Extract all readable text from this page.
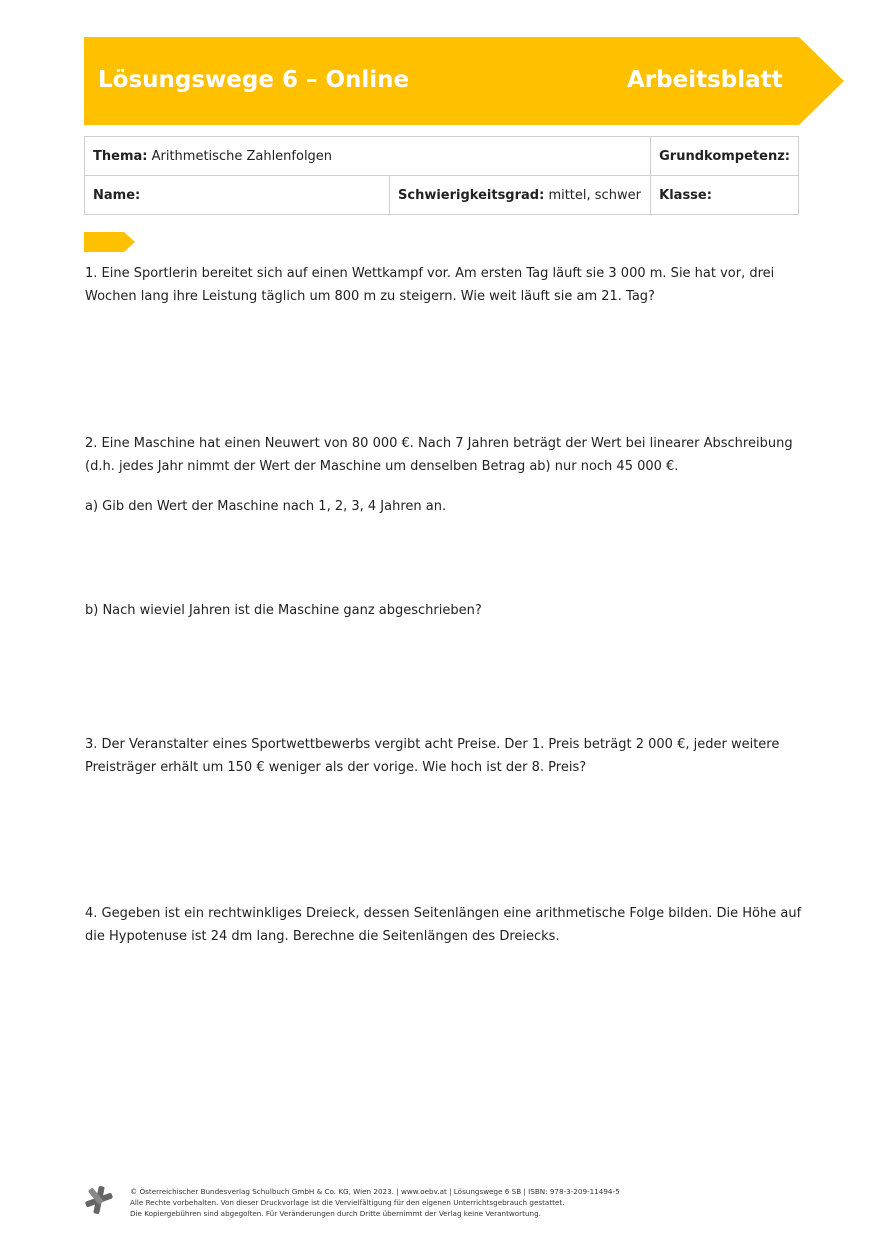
Lösungswege 6 – Online	Arbeitsblatt
Thema: Arithmetische Zahlenfolgen		Grundkompetenz:
Name:	Schwierigkeitsgrad: mittel, schwer	Klasse:
1. Eine Sportlerin bereitet sich auf einen Wettkampf vor. Am ersten Tag läuft sie 3 000 m. Sie hat vor, drei Wochen lang ihre Leistung täglich um 800 m zu steigern. Wie weit läuft sie am 21. Tag?
2. Eine Maschine hat einen Neuwert von 80 000 €. Nach 7 Jahren beträgt der Wert bei linearer Abschreibung (d.h. jedes Jahr nimmt der Wert der Maschine um denselben Betrag ab) nur noch 45 000 €.
a) Gib den Wert der Maschine nach 1, 2, 3, 4 Jahren an.
b) Nach wieviel Jahren ist die Maschine ganz abgeschrieben?
3. Der Veranstalter eines Sportwettbewerbs vergibt acht Preise. Der 1. Preis beträgt 2 000 €, jeder weitere Preisträger erhält um 150 € weniger als der vorige. Wie hoch ist der 8. Preis?
4. Gegeben ist ein rechtwinkliges Dreieck, dessen Seitenlängen eine arithmetische Folge bilden. Die Höhe auf die Hypotenuse ist 24 dm lang. Berechne die Seitenlängen des Dreiecks.
© Österreichischer Bundesverlag Schulbuch GmbH & Co. KG, Wien 2023. | www.oebv.at | Lösungswege 6 SB | ISBN: 978-3-209-11494-5
Alle Rechte vorbehalten. Von dieser Druckvorlage ist die Vervielfältigung für den eigenen Unterrichtsgebrauch gestattet.
Die Kopiergebühren sind abgegolten. Für Veränderungen durch Dritte übernimmt der Verlag keine Verantwortung.
